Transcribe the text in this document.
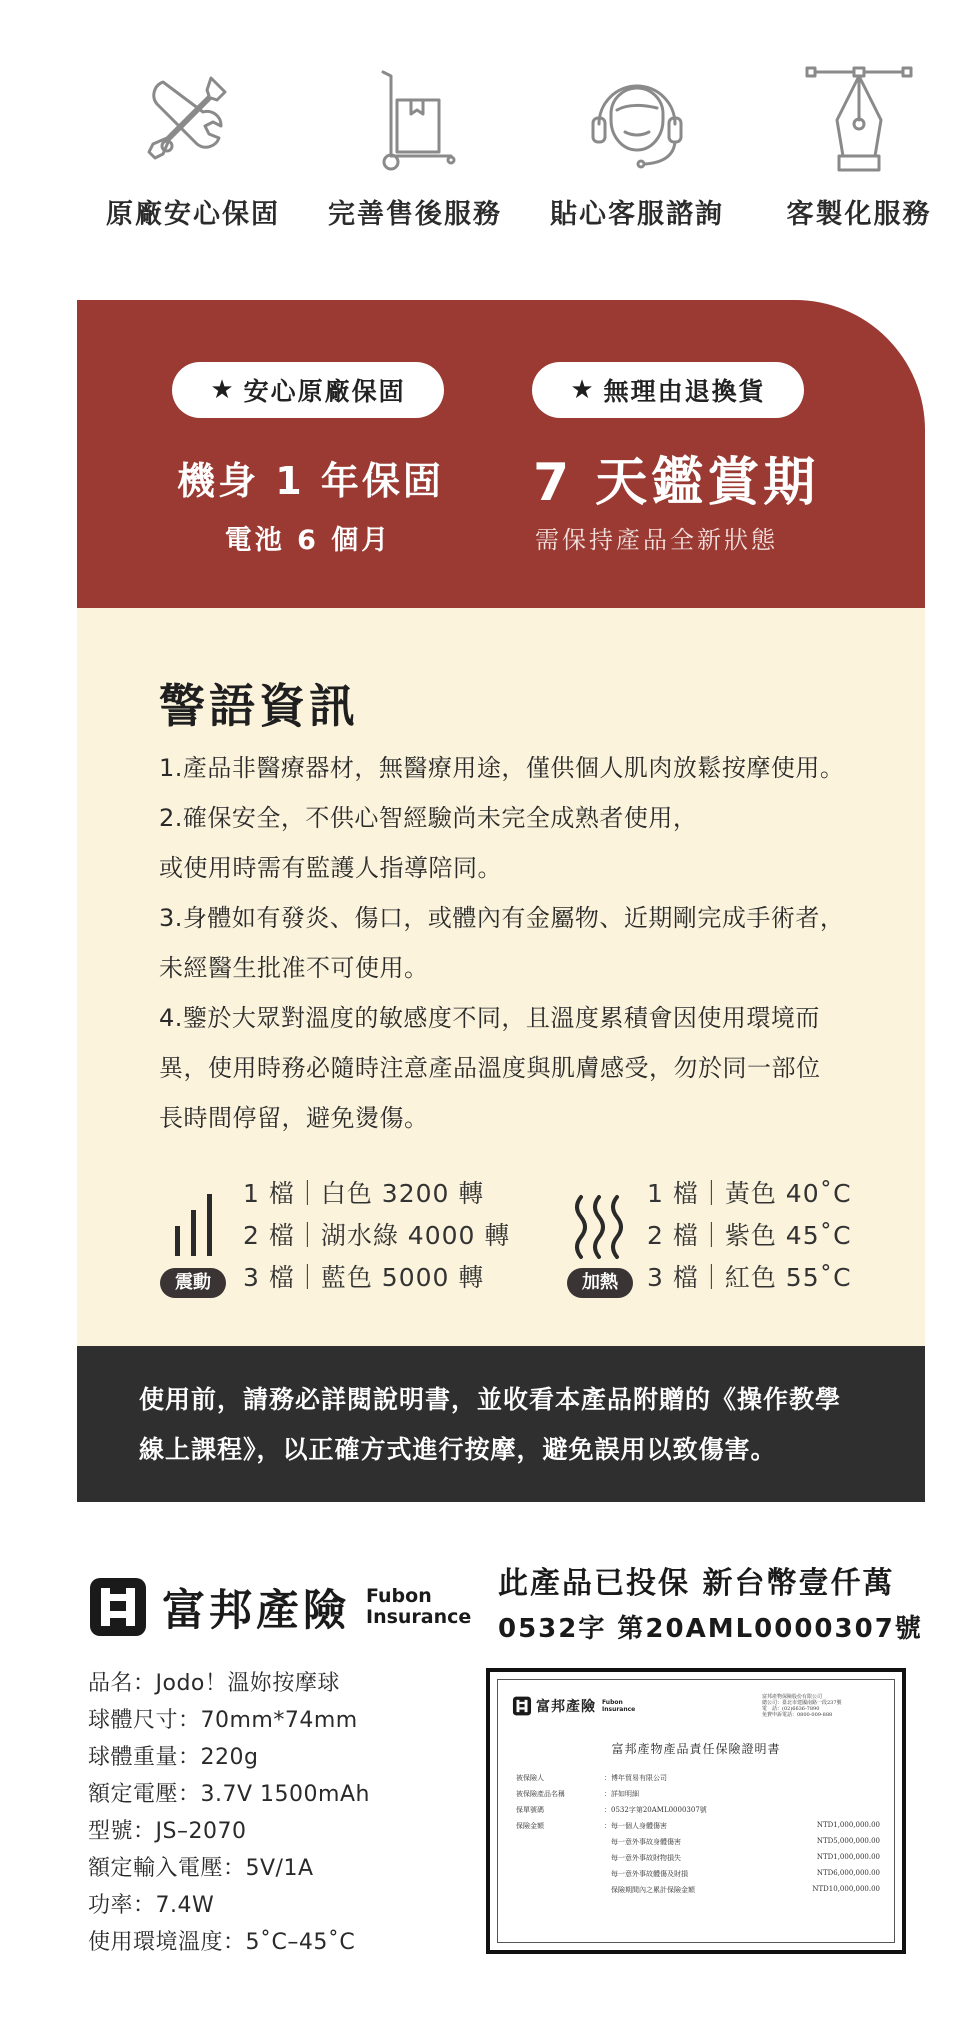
原廠安心保固	完善售後服務	貼心客服諮詢	客製化服務
★ 安心原廠保固	★ 無理由退換貨
機身 1 年保固
電池 6 個月
7 天鑑賞期
需保持產品全新狀態
警語資訊
1.產品非醫療器材，無醫療用途，僅供個人肌肉放鬆按摩使用。
2.確保安全，不供心智經驗尚未完全成熟者使用，
或使用時需有監護人指導陪同。
3.身體如有發炎、傷口，或體內有金屬物、近期剛完成手術者，
未經醫生批准不可使用。
4.鑒於大眾對溫度的敏感度不同，且溫度累積會因使用環境而
異，使用時務必隨時注意產品溫度與肌膚感受，勿於同一部位
長時間停留，避免燙傷。
震動
1 檔｜白色 3200 轉
2 檔｜湖水綠 4000 轉
3 檔｜藍色 5000 轉	加熱
1 檔｜黃色 40˚C
2 檔｜紫色 45˚C
3 檔｜紅色 55˚C
使用前，請務必詳閱說明書，並收看本產品附贈的《操作教學
線上課程》，以正確方式進行按摩，避免誤用以致傷害。
富邦產險 Fubon
Insurance
此產品已投保 新台幣壹仟萬
0532字 第20AML0000307號
品名：Jodo！溫妳按摩球
球體尺寸：70mm*74mm
球體重量：220g
額定電壓：3.7V 1500mAh
型號：JS–2070
額定輸入電壓：5V/1A
功率：7.4W
使用環境溫度：5˚C–45˚C
富邦產險 Fubon
Insurance
富邦產物保險股份有限公司
總公司：臺北市建國南路一段237號
電　話：(02)6636-7890
免費申訴電話：0800-009-888
富邦產物產品責任保險證明書
被保險人	：博年貿易有限公司
被保險產品名稱	：詳如明細
保單號碼	：0532字第20AML0000307號
保險金額	：每一個人身體傷害	NTD1,000,000.00
　每一意外事故身體傷害	NTD5,000,000.00
　每一意外事故財物損失	NTD1,000,000.00
　每一意外事故體傷及財損	NTD6,000,000.00
　保險期間內之累計保險金額	NTD10,000,000.00
